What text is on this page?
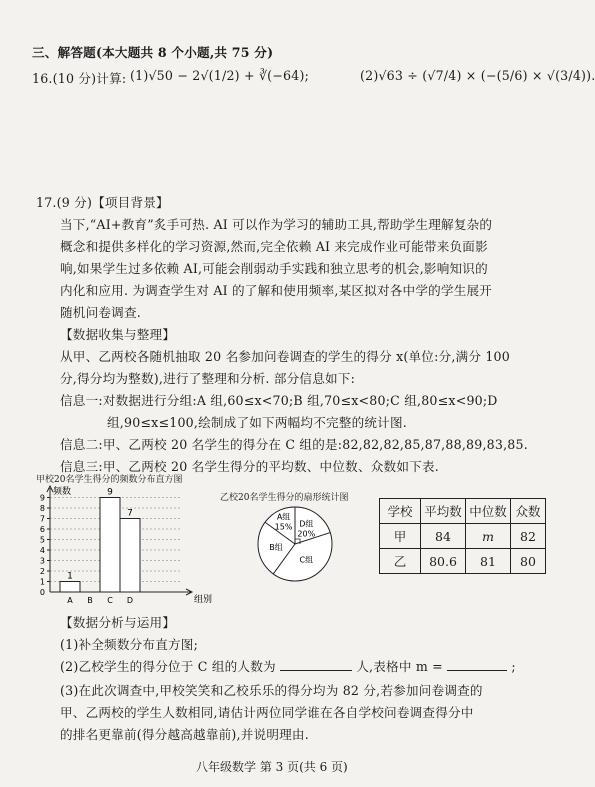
三、解答题(本大题共 8 个小题,共 75 分)
16.(10 分)计算: (1)√50 − 2√(1/2) + ∛(−64);	(2)√63 ÷ (√7/4) × (−(5/6) × √(3/4)).
17.(9 分)【项目背景】
当下,“AI+教育”炙手可热. AI 可以作为学习的辅助工具,帮助学生理解复杂的
概念和提供多样化的学习资源,然而,完全依赖 AI 来完成作业可能带来负面影
响,如果学生过多依赖 AI,可能会削弱动手实践和独立思考的机会,影响知识的
内化和应用. 为调查学生对 AI 的了解和使用频率,某区拟对各中学的学生展开
随机问卷调查.
【数据收集与整理】
从甲、乙两校各随机抽取 20 名参加问卷调查的学生的得分 x(单位:分,满分 100
分,得分均为整数),进行了整理和分析. 部分信息如下:
信息一:对数据进行分组:A 组,60≤x<70;B 组,70≤x<80;C 组,80≤x<90;D
组,90≤x≤100,绘制成了如下两幅均不完整的统计图.
信息二:甲、乙两校 20 名学生的得分在 C 组的是:82,82,82,85,87,88,89,83,85.
信息三:甲、乙两校 20 名学生得分的平均数、中位数、众数如下表.
甲校20名学生得分的频数分布直方图
频数
组别
1
2
3
4
5
6
7
8
9
0
1
A B
9
C
7
D
乙校20名学生得分的扇形统计图
D组
20%
C组
B组
A组
15%
学校	平均数	中位数	众数
甲	84	m	82
乙	80.6	81	80
【数据分析与运用】
(1)补全频数分布直方图;
(2)乙校学生的得分位于 C 组的人数为	人,表格中 m =	;
(3)在此次调查中,甲校笑笑和乙校乐乐的得分均为 82 分,若参加问卷调查的
甲、乙两校的学生人数相同,请估计两位同学谁在各自学校问卷调查得分中
的排名更靠前(得分越高越靠前),并说明理由.
八年级数学 第 3 页(共 6 页)
